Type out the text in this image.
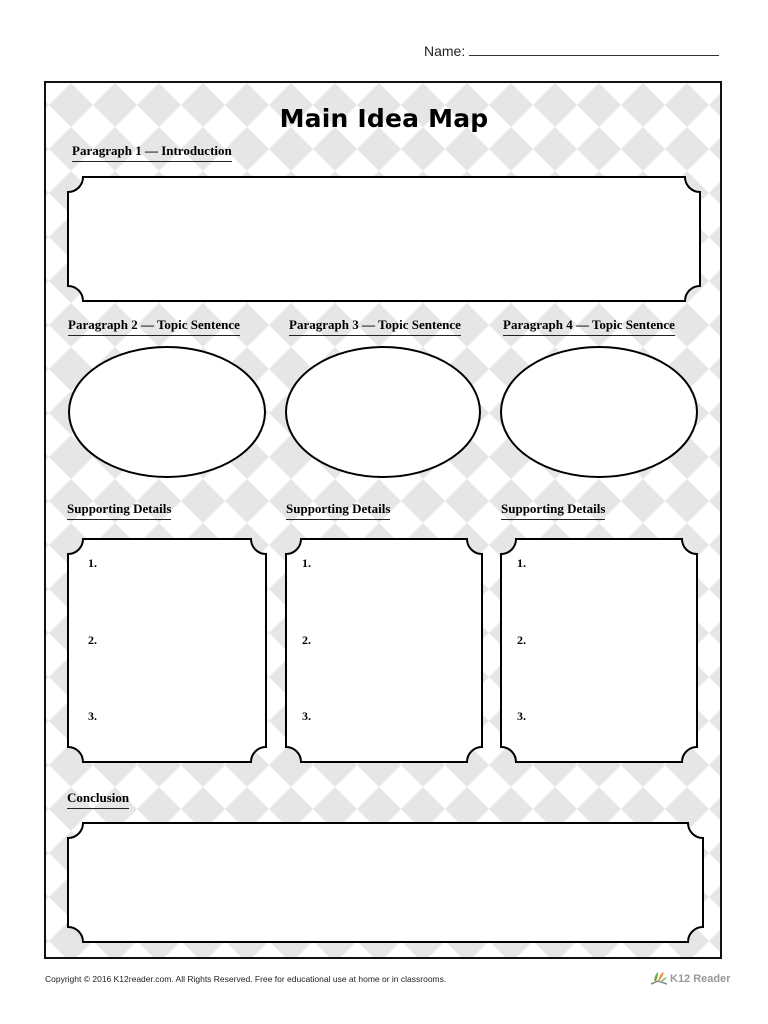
Name:
Main Idea Map
Paragraph 1 — Introduction
Paragraph 2 — Topic Sentence	Paragraph 3 — Topic Sentence	Paragraph 4 — Topic Sentence
Supporting Details	Supporting Details	Supporting Details
Conclusion
1.
2.
3.
1.
2.
3.
1.
2.
3.
Copyright © 2016 K12reader.com. All Rights Reserved. Free for educational use at home or in classrooms.	K12 Reader
